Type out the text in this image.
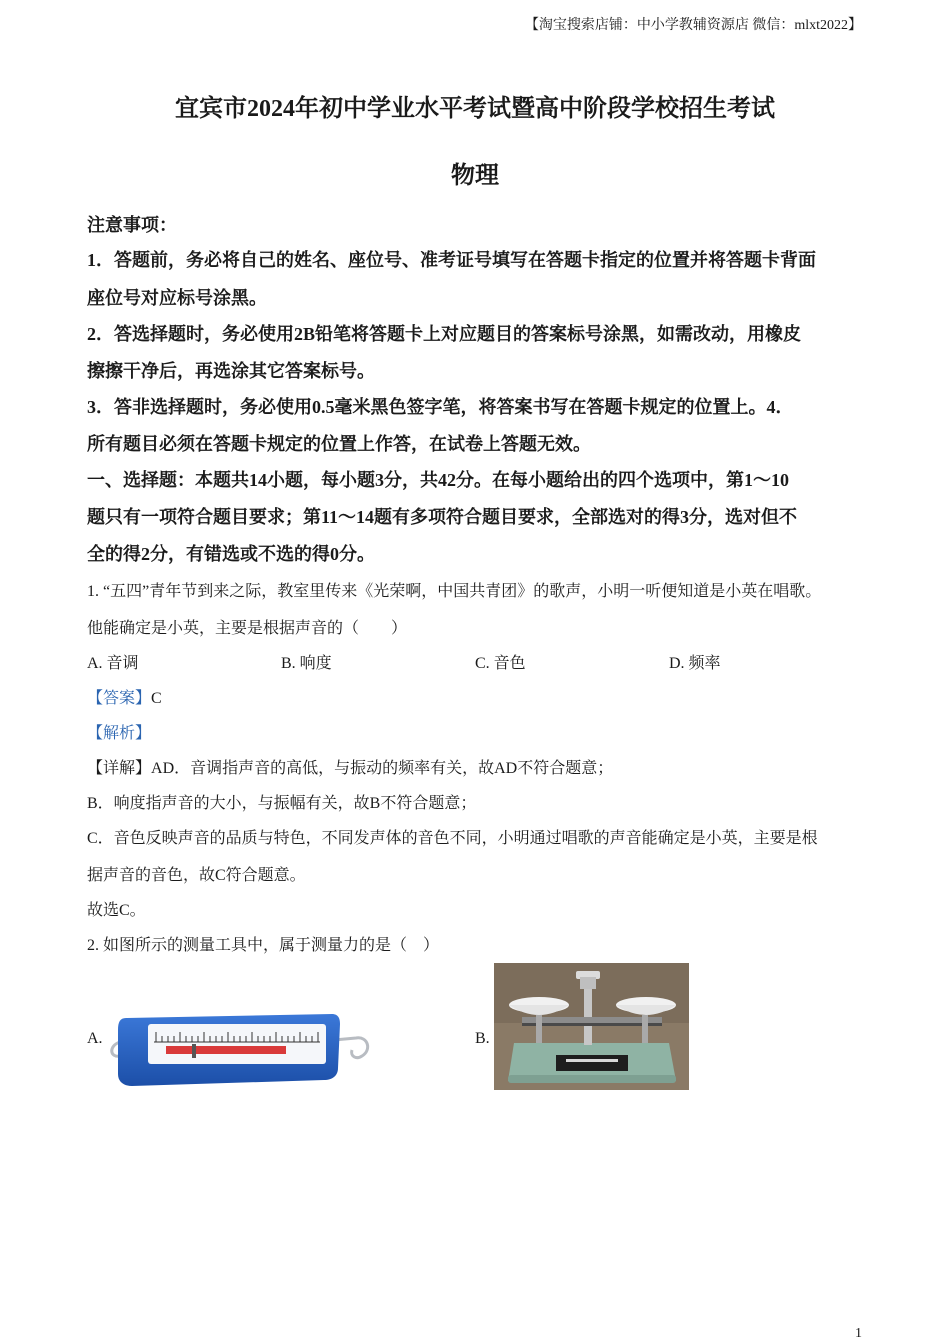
【淘宝搜索店铺：中小学教辅资源店 微信：mlxt2022】
宜宾市2024年初中学业水平考试暨高中阶段学校招生考试
物理
注意事项：
1．答题前，务必将自己的姓名、座位号、准考证号填写在答题卡指定的位置并将答题卡背面
座位号对应标号涂黑。
2．答选择题时，务必使用2B铅笔将答题卡上对应题目的答案标号涂黑，如需改动，用橡皮
擦擦干净后，再选涂其它答案标号。
3．答非选择题时，务必使用0.5毫米黑色签字笔，将答案书写在答题卡规定的位置上。4．
所有题目必须在答题卡规定的位置上作答，在试卷上答题无效。
一、选择题：本题共14小题，每小题3分，共42分。在每小题给出的四个选项中，第1～10
题只有一项符合题目要求；第11～14题有多项符合题目要求，全部选对的得3分，选对但不
全的得2分，有错选或不选的得0分。
1. “五四”青年节到来之际，教室里传来《光荣啊，中国共青团》的歌声，小明一听便知道是小英在唱歌。
他能确定是小英，主要是根据声音的（　　）
A. 音调	B. 响度	C. 音色	D. 频率
【答案】C
【解析】
【详解】AD．音调指声音的高低，与振动的频率有关，故AD不符合题意；
B．响度指声音的大小，与振幅有关，故B不符合题意；
C．音色反映声音的品质与特色，不同发声体的音色不同，小明通过唱歌的声音能确定是小英，主要是根
据声音的音色，故C符合题意。
故选C。
2. 如图所示的测量工具中，属于测量力的是（　）
A.	B.
1
